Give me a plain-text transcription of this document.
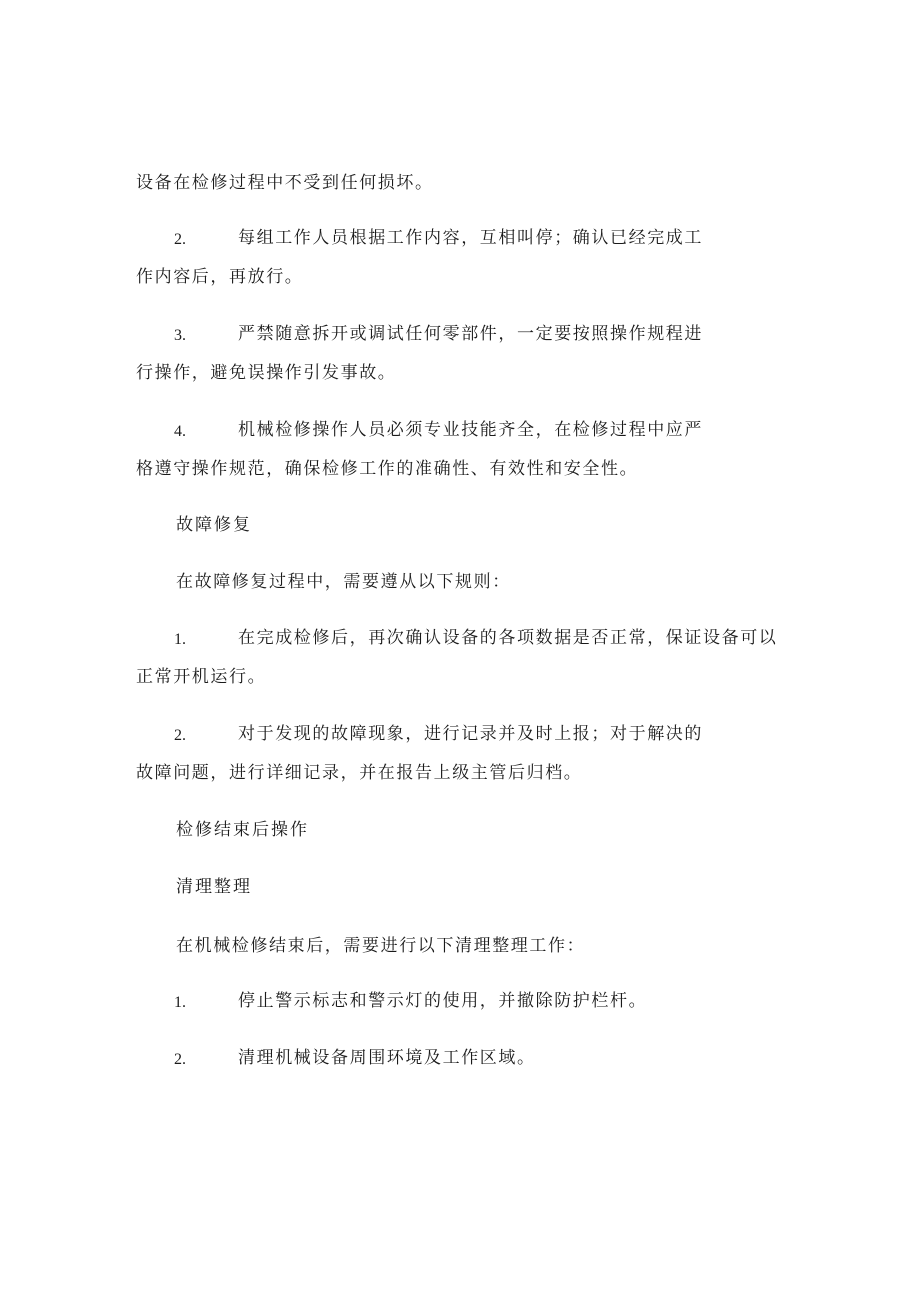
设备在检修过程中不受到任何损坏。
2.	每组工作人员根据工作内容，互相叫停；确认已经完成工
作内容后，再放行。
3.	严禁随意拆开或调试任何零部件，一定要按照操作规程进
行操作，避免误操作引发事故。
4.	机械检修操作人员必须专业技能齐全，在检修过程中应严
格遵守操作规范，确保检修工作的准确性、有效性和安全性。
故障修复
在故障修复过程中，需要遵从以下规则：
1.	在完成检修后，再次确认设备的各项数据是否正常，保证设备可以
正常开机运行。
2.	对于发现的故障现象，进行记录并及时上报；对于解决的
故障问题，进行详细记录，并在报告上级主管后归档。
检修结束后操作
清理整理
在机械检修结束后，需要进行以下清理整理工作：
1.	停止警示标志和警示灯的使用，并撤除防护栏杆。
2.	清理机械设备周围环境及工作区域。
